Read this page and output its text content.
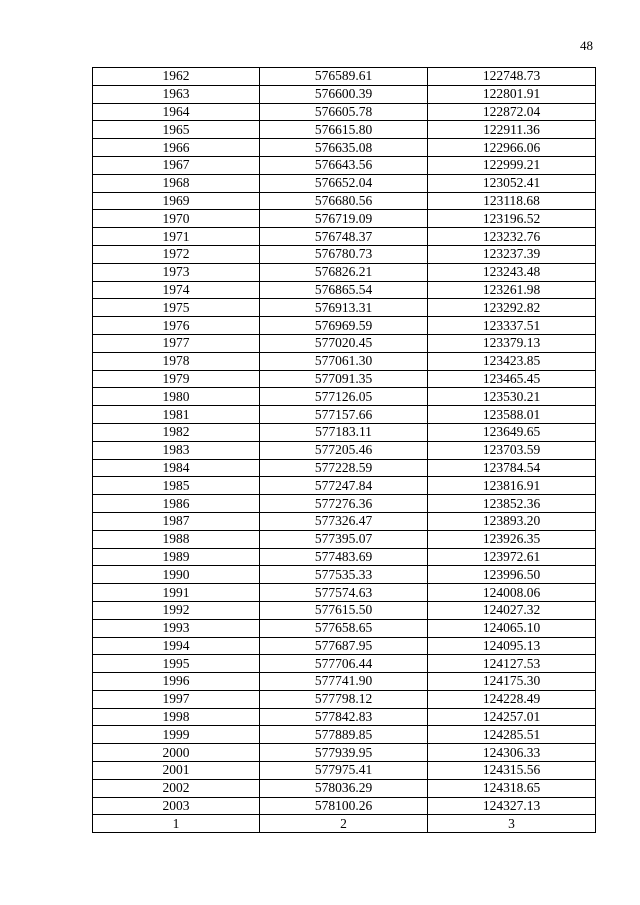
48
1962	576589.61	122748.73
1963	576600.39	122801.91
1964	576605.78	122872.04
1965	576615.80	122911.36
1966	576635.08	122966.06
1967	576643.56	122999.21
1968	576652.04	123052.41
1969	576680.56	123118.68
1970	576719.09	123196.52
1971	576748.37	123232.76
1972	576780.73	123237.39
1973	576826.21	123243.48
1974	576865.54	123261.98
1975	576913.31	123292.82
1976	576969.59	123337.51
1977	577020.45	123379.13
1978	577061.30	123423.85
1979	577091.35	123465.45
1980	577126.05	123530.21
1981	577157.66	123588.01
1982	577183.11	123649.65
1983	577205.46	123703.59
1984	577228.59	123784.54
1985	577247.84	123816.91
1986	577276.36	123852.36
1987	577326.47	123893.20
1988	577395.07	123926.35
1989	577483.69	123972.61
1990	577535.33	123996.50
1991	577574.63	124008.06
1992	577615.50	124027.32
1993	577658.65	124065.10
1994	577687.95	124095.13
1995	577706.44	124127.53
1996	577741.90	124175.30
1997	577798.12	124228.49
1998	577842.83	124257.01
1999	577889.85	124285.51
2000	577939.95	124306.33
2001	577975.41	124315.56
2002	578036.29	124318.65
2003	578100.26	124327.13
1	2	3
